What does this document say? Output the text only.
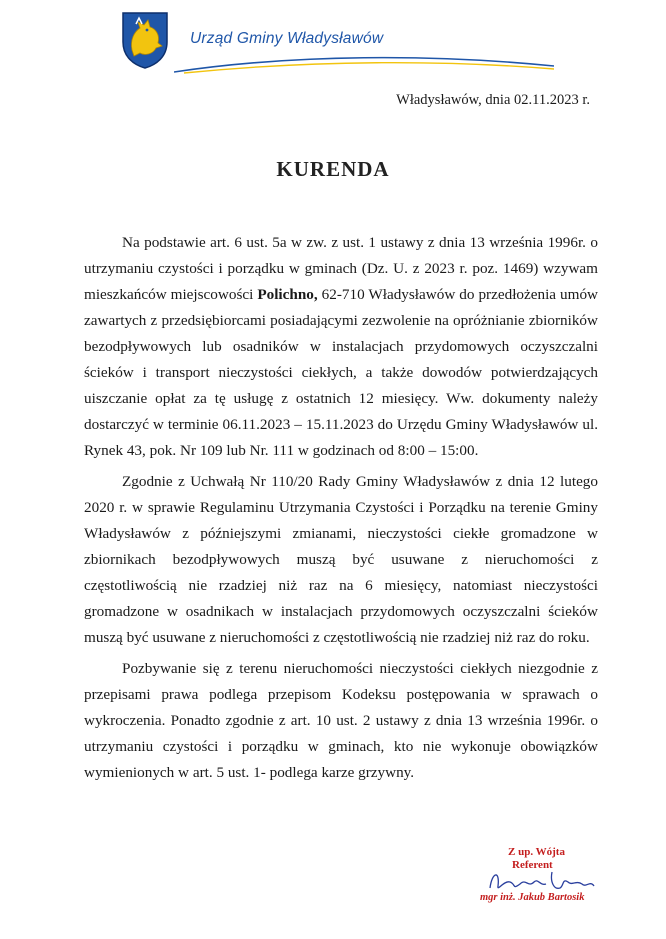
Urząd Gminy Władysławów
Władysławów, dnia 02.11.2023 r.
KURENDA

Na podstawie art. 6 ust. 5a w zw. z ust. 1 ustawy z dnia 13 września 1996r. o utrzymaniu czystości i porządku w gminach (Dz. U. z 2023 r. poz. 1469) wzywam mieszkańców miejscowości Polichno, 62-710 Władysławów do przedłożenia umów zawartych z przedsiębiorcami posiadającymi zezwolenie na opróżnianie zbiorników bezodpływowych lub osadników w instalacjach przydomowych oczyszczalni ścieków i transport nieczystości ciekłych, a także dowodów potwierdzających uiszczanie opłat za tę usługę z ostatnich 12 miesięcy. Ww. dokumenty należy dostarczyć w terminie 06.11.2023 – 15.11.2023 do Urzędu Gminy Władysławów ul. Rynek 43, pok. Nr 109 lub Nr. 111 w godzinach od 8:00 – 15:00.

Zgodnie z Uchwałą Nr 110/20 Rady Gminy Władysławów z dnia 12 lutego 2020 r. w sprawie Regulaminu Utrzymania Czystości i Porządku na terenie Gminy Władysławów z późniejszymi zmianami, nieczystości ciekłe gromadzone w zbiornikach bezodpływowych muszą być usuwane z nieruchomości z częstotliwością nie rzadziej niż raz na 6 miesięcy, natomiast nieczystości gromadzone w osadnikach w instalacjach przydomowych oczyszczalni ścieków muszą być usuwane z nieruchomości z częstotliwością nie rzadziej niż raz do roku.

Pozbywanie się z terenu nieruchomości nieczystości ciekłych niezgodnie z przepisami prawa podlega przepisom Kodeksu postępowania w sprawach o wykroczenia. Ponadto zgodnie z art. 10 ust. 2 ustawy z dnia 13 września 1996r. o utrzymaniu czystości i porządku w gminach, kto nie wykonuje obowiązków wymienionych w art. 5 ust. 1- podlega karze grzywny.

Z up. Wójta
Referent
mgr inż. Jakub Bartosik
